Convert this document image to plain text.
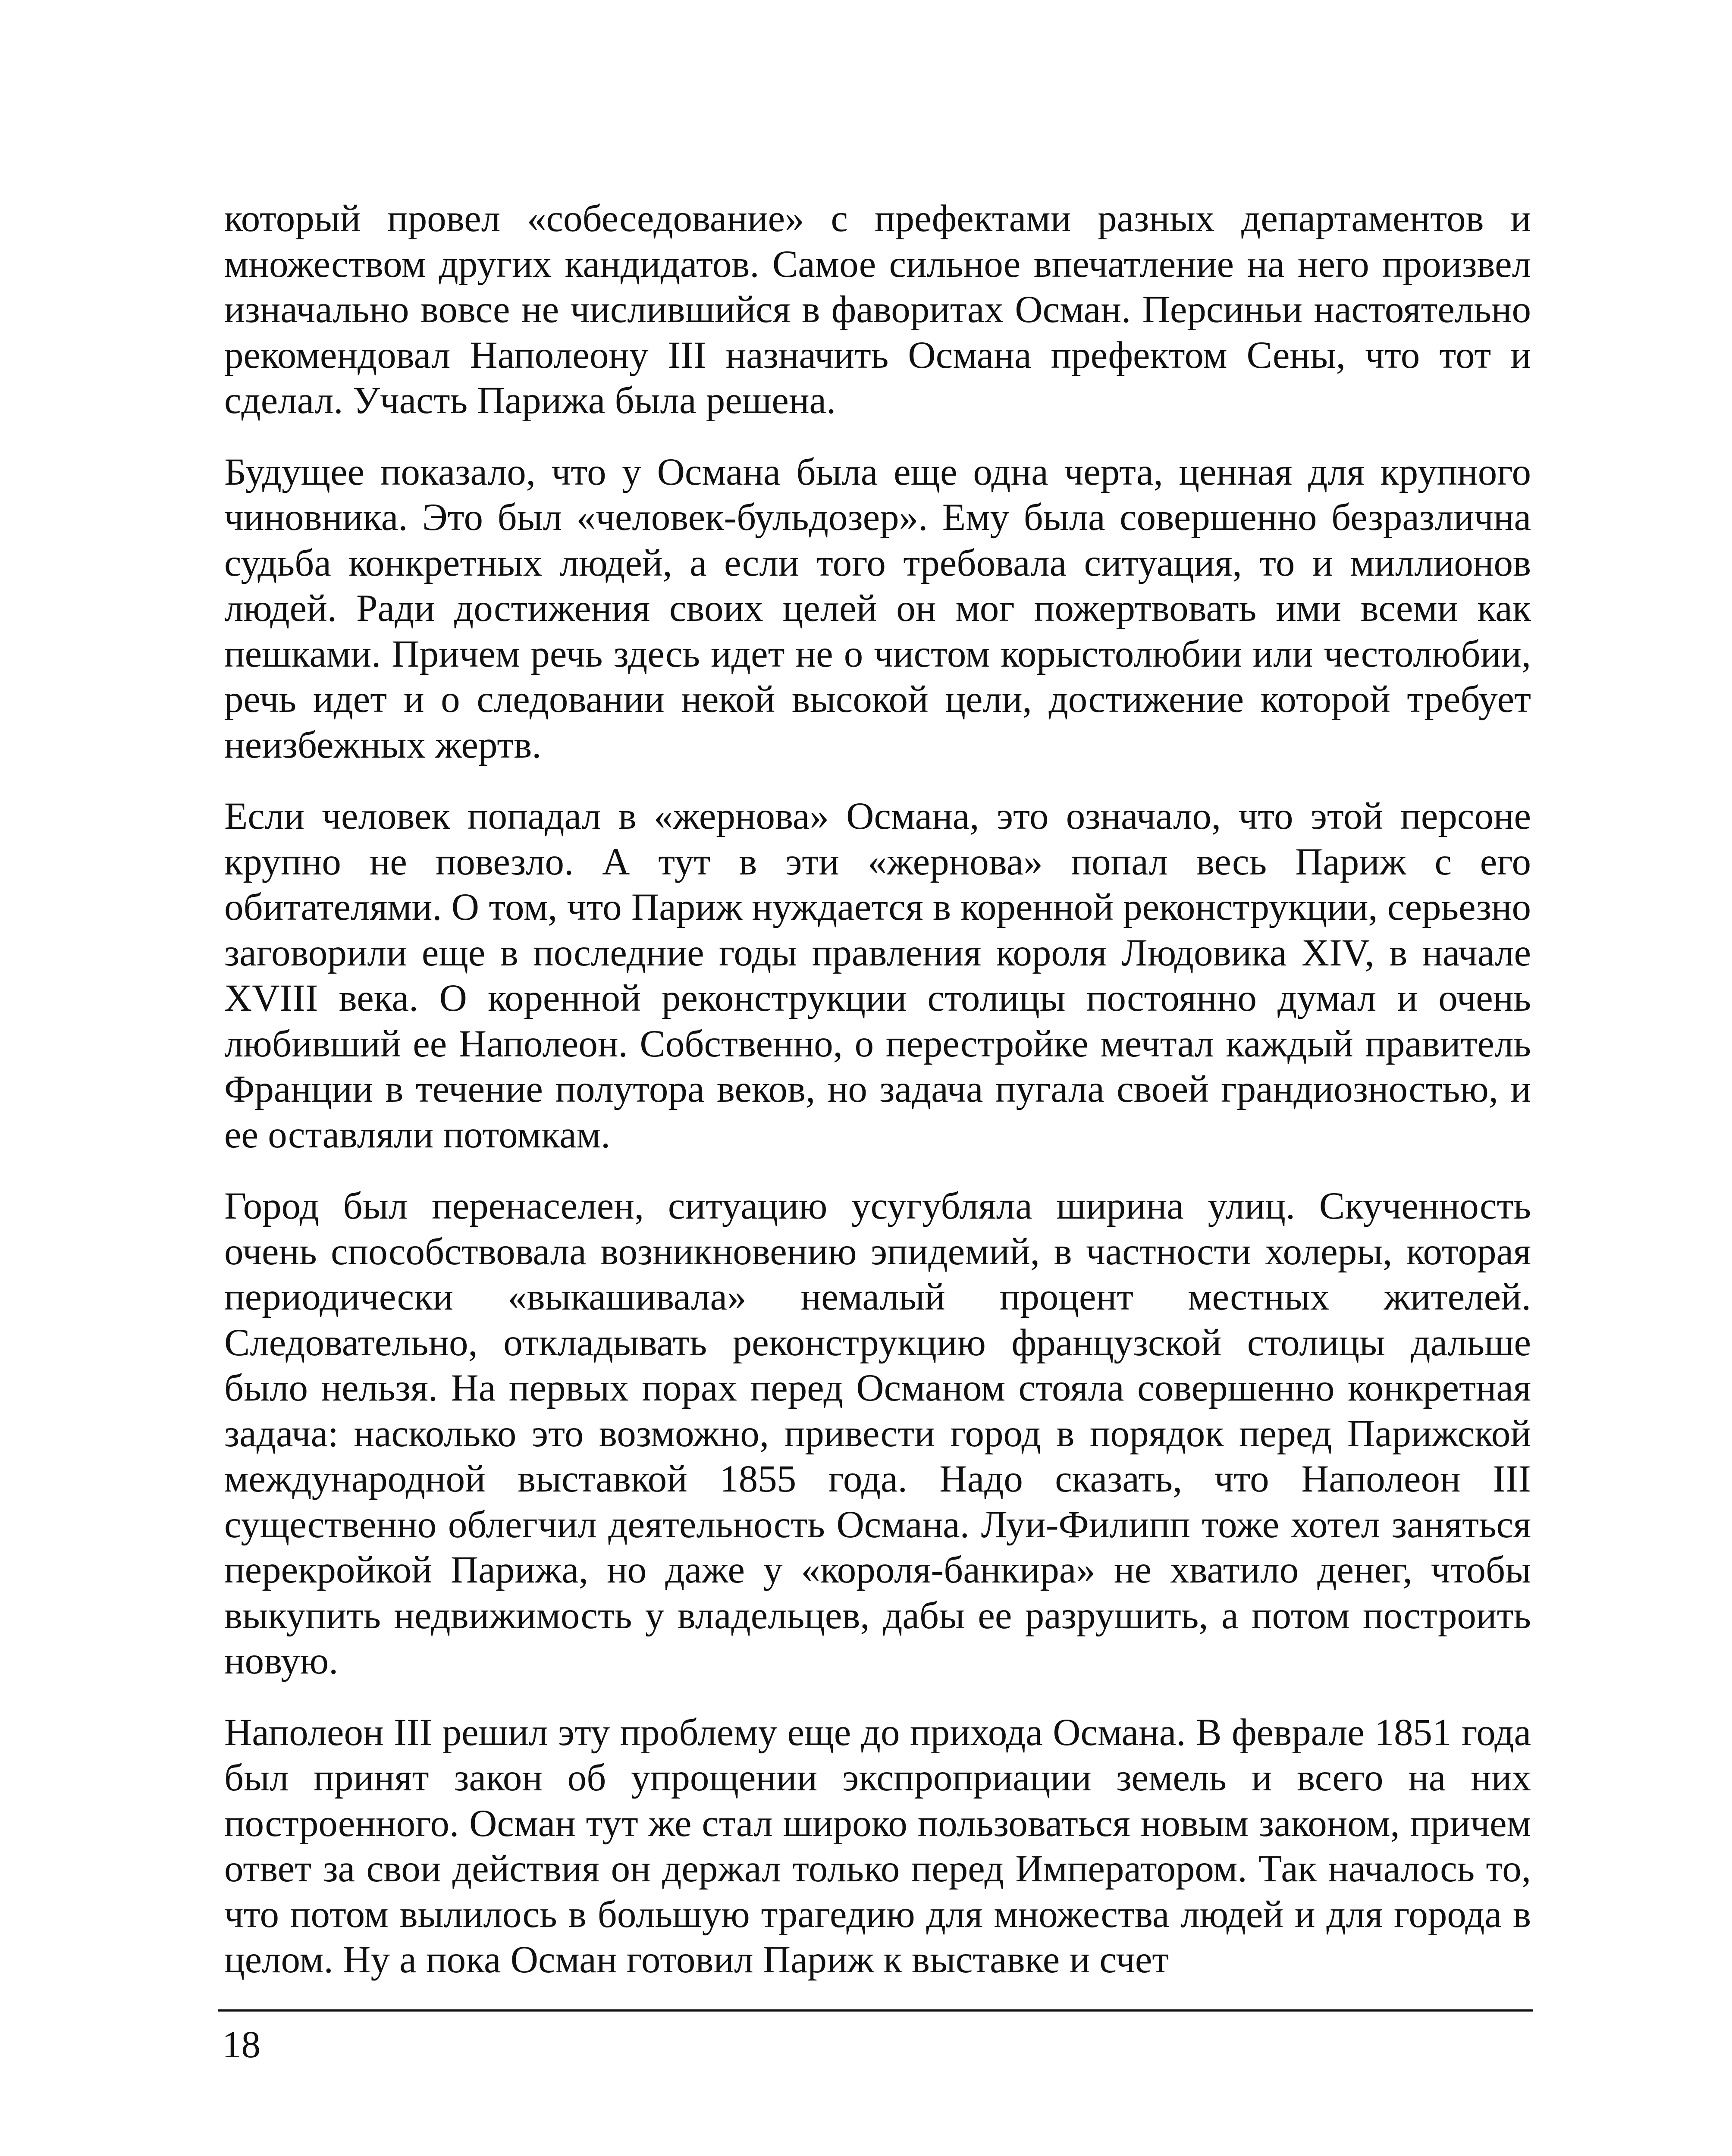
который провел «собеседование» с префектами разных департаментов и множеством других кандидатов. Самое сильное впечатление на него произвел изначально вовсе не числившийся в фаворитах Осман. Персиньи настоятельно рекомендовал Наполеону III назначить Османа префектом Сены, что тот и сделал. Участь Парижа была решена.

Будущее показало, что у Османа была еще одна черта, ценная для крупного чиновника. Это был «человек-бульдозер». Ему была совершенно безразлична судьба конкретных людей, а если того требовала ситуация, то и миллионов людей. Ради достижения своих целей он мог пожертвовать ими всеми как пешками. Причем речь здесь идет не о чистом корыстолюбии или честолюбии, речь идет и о следовании некой высокой цели, достижение которой требует неизбежных жертв.

Если человек попадал в «жернова» Османа, это означало, что этой персоне крупно не повезло. А тут в эти «жернова» попал весь Париж с его обитателями. О том, что Париж нуждается в коренной реконструкции, серьезно заговорили еще в последние годы правления короля Людовика XIV, в начале XVIII века. О коренной реконструкции столицы постоянно думал и очень любивший ее Наполеон. Собственно, о перестройке мечтал каждый правитель Франции в течение полутора веков, но задача пугала своей грандиозностью, и ее оставляли потомкам.

Город был перенаселен, ситуацию усугубляла ширина улиц. Скученность очень способствовала возникновению эпидемий, в частности холеры, которая периодически «выкашивала» немалый процент местных жителей. Следовательно, откладывать реконструкцию французской столицы дальше было нельзя. На первых порах перед Османом стояла совершенно конкретная задача: насколько это возможно, привести город в порядок перед Парижской международной выставкой 1855 года. Надо сказать, что Наполеон III существенно облегчил деятельность Османа. Луи-Филипп тоже хотел заняться перекройкой Парижа, но даже у «короля-банкира» не хватило денег, чтобы выкупить недвижимость у владельцев, дабы ее разрушить, а потом построить новую.

Наполеон III решил эту проблему еще до прихода Османа. В феврале 1851 года был принят закон об упрощении экспроприации земель и всего на них построенного. Осман тут же стал широко пользоваться новым законом, причем ответ за свои действия он держал только перед Императором. Так началось то, что потом вылилось в большую трагедию для множества людей и для города в целом. Ну а пока Осман готовил Париж к выставке и счет

18
